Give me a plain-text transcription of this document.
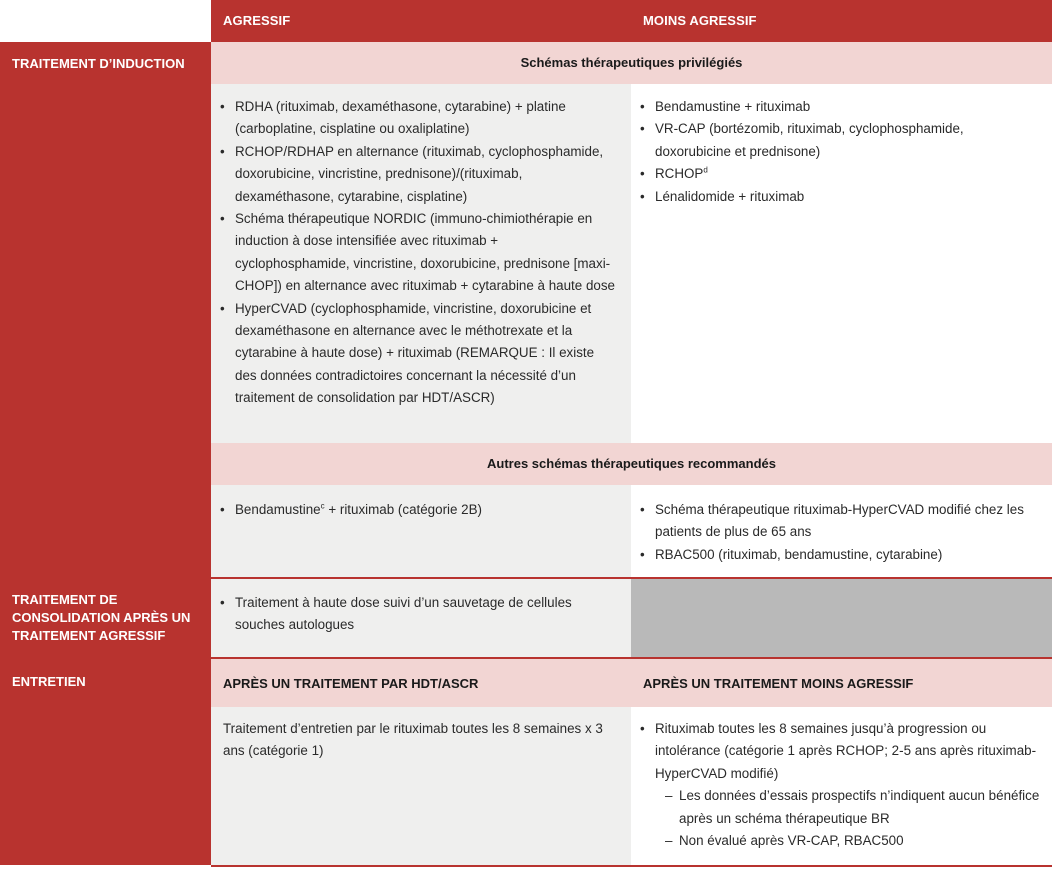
AGRESSIF	MOINS AGRESSIF
TRAITEMENT D’INDUCTION	Schémas thérapeutiques privilégiés
• RDHA (rituximab, dexaméthasone, cytarabine) + platine (carboplatine, cisplatine ou oxaliplatine)
• RCHOP/RDHAP en alternance (rituximab, cyclophosphamide, doxorubicine, vincristine, prednisone)/(rituximab, dexaméthasone, cytarabine, cisplatine)
• Schéma thérapeutique NORDIC (immuno-chimiothérapie en induction à dose intensifiée avec rituximab + cyclophosphamide, vincristine, doxorubicine, prednisone [maxi-CHOP]) en alternance avec rituximab + cytarabine à haute dose
• HyperCVAD (cyclophosphamide, vincristine, doxorubicine et dexaméthasone en alternance avec le méthotrexate et la cytarabine à haute dose) + rituximab (REMARQUE : Il existe des données contradictoires concernant la nécessité d’un traitement de consolidation par HDT/ASCR)
• Bendamustine + rituximab
• VR-CAP (bortézomib, rituximab, cyclophosphamide, doxorubicine et prednisone)
• RCHOP$^d$
• Lénalidomide + rituximab
Autres schémas thérapeutiques recommandés
• Bendamustine$^c$ + rituximab (catégorie 2B)
•	Schéma thérapeutique rituximab-HyperCVAD modifié chez les patients de plus de 65 ans
• RBAC500 (rituximab, bendamustine, cytarabine)
TRAITEMENT DE CONSOLIDATION APRÈS UN TRAITEMENT AGRESSIF
• Traitement à haute dose suivi d’un sauvetage de cellules souches autologues
ENTRETIEN	APRÈS UN TRAITEMENT PAR HDT/ASCR	APRÈS UN TRAITEMENT MOINS AGRESSIF
Traitement d’entretien par le rituximab toutes les 8 semaines x 3 ans (catégorie 1)
• Rituximab toutes les 8 semaines jusqu’à progression ou intolérance (catégorie 1 après RCHOP; 2-5 ans après rituximab-HyperCVAD modifié)
– Les données d’essais prospectifs n’indiquent aucun bénéfice après un schéma thérapeutique BR
– Non évalué après VR-CAP, RBAC500
